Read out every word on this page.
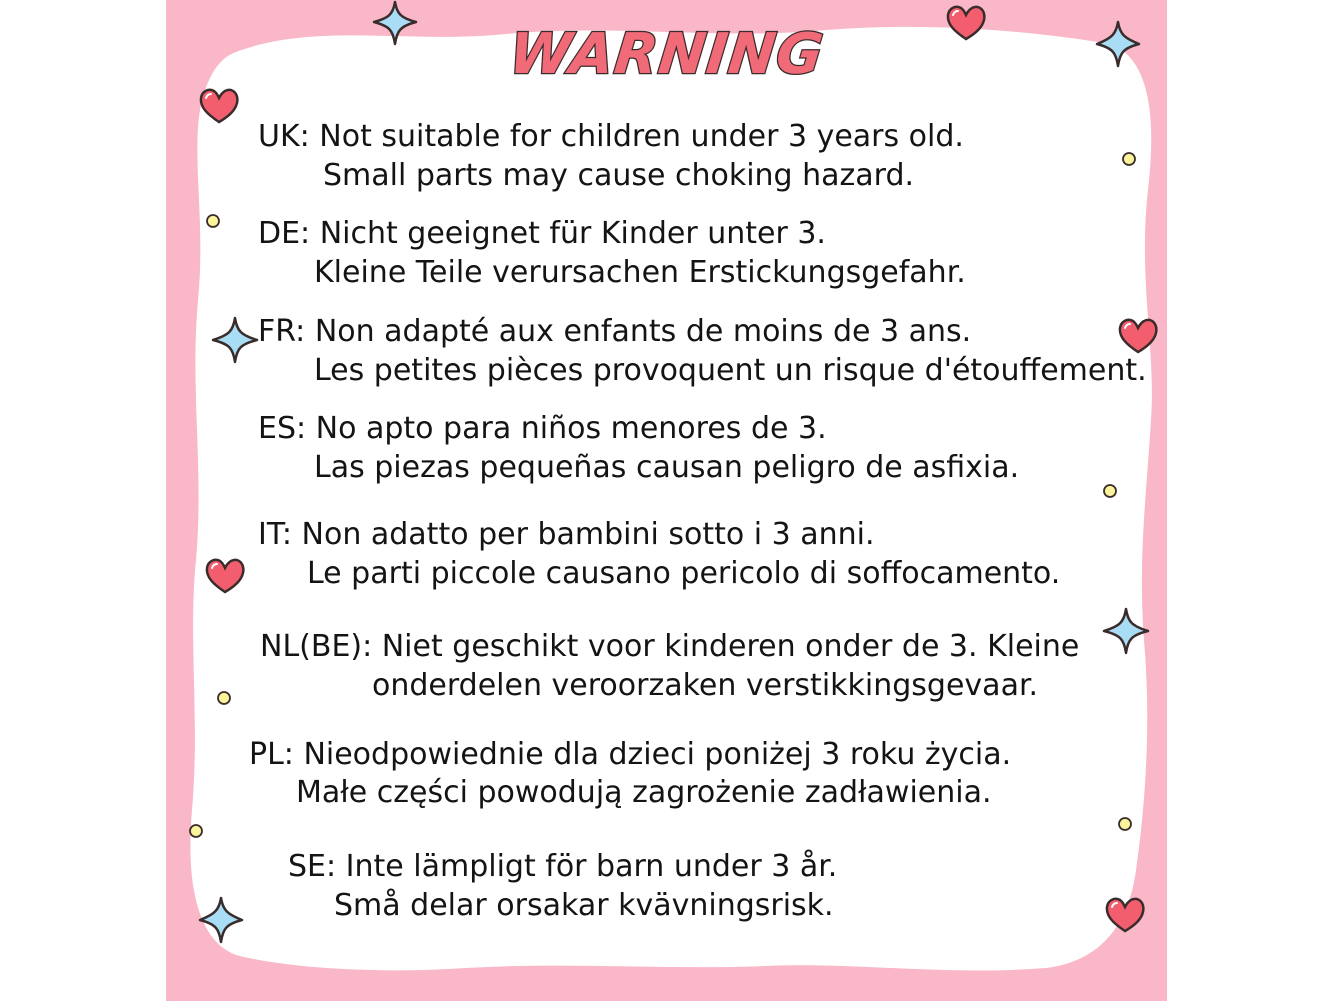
WARNING
UK: Not suitable for children under 3 years old.
Small parts may cause choking hazard.
DE: Nicht geeignet für Kinder unter 3.
Kleine Teile verursachen Erstickungsgefahr.
FR: Non adapté aux enfants de moins de 3 ans.
Les petites pièces provoquent un risque d'étouffement.
ES: No apto para niños menores de 3.
Las piezas pequeñas causan peligro de asfixia.
IT: Non adatto per bambini sotto i 3 anni.
Le parti piccole causano pericolo di soffocamento.
NL(BE): Niet geschikt voor kinderen onder de 3. Kleine
onderdelen veroorzaken verstikkingsgevaar.
PL: Nieodpowiednie dla dzieci poniżej 3 roku życia.
Małe części powodują zagrożenie zadławienia.
SE: Inte lämpligt för barn under 3 år.
Små delar orsakar kvävningsrisk.
